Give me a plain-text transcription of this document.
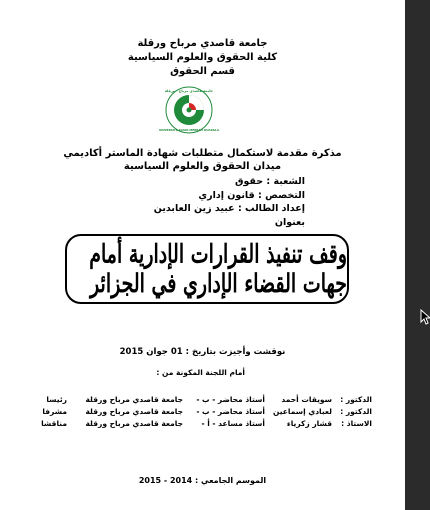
جامعة قاصدي مرباح ورقلة
كلية الحقوق والعلوم السياسية
قسم الحقوق
جامعة قاصدي مرباح - ورقلة
UNIVERSITE KASDI MERBAH OUARGLA
مذكرة مقدمة لاستكمال متطلبات شهادة الماستر أكاديمي
ميدان الحقوق والعلوم السياسية
الشعبة : حقوق
التخصص : قانون إداري
إعداد الطالب : عبيد زين العابدين
بعنوان
وقف تنفيذ القرارات الإدارية أمام جهات القضاء الإداري في الجزائر
نوقشت وأجيزت بتاريخ : 01 جوان 2015
أمام اللجنة المكونة من :
الدكتور :
سويقات أحمد
أستاذ محاضر - ب -
جامعة قاصدي مرباح ورقلة
رئيسا
الدكتور :
لعبادي إسماعين
أستاذ محاضر - ب -
جامعة قاصدي مرباح ورقلة
مشرفا
الاستاذ :
قشار زكرياء
أستاذ مساعد - أ -
جامعة قاصدي مرباح ورقلة
مناقشا
الموسم الجامعي : 2014 - 2015
